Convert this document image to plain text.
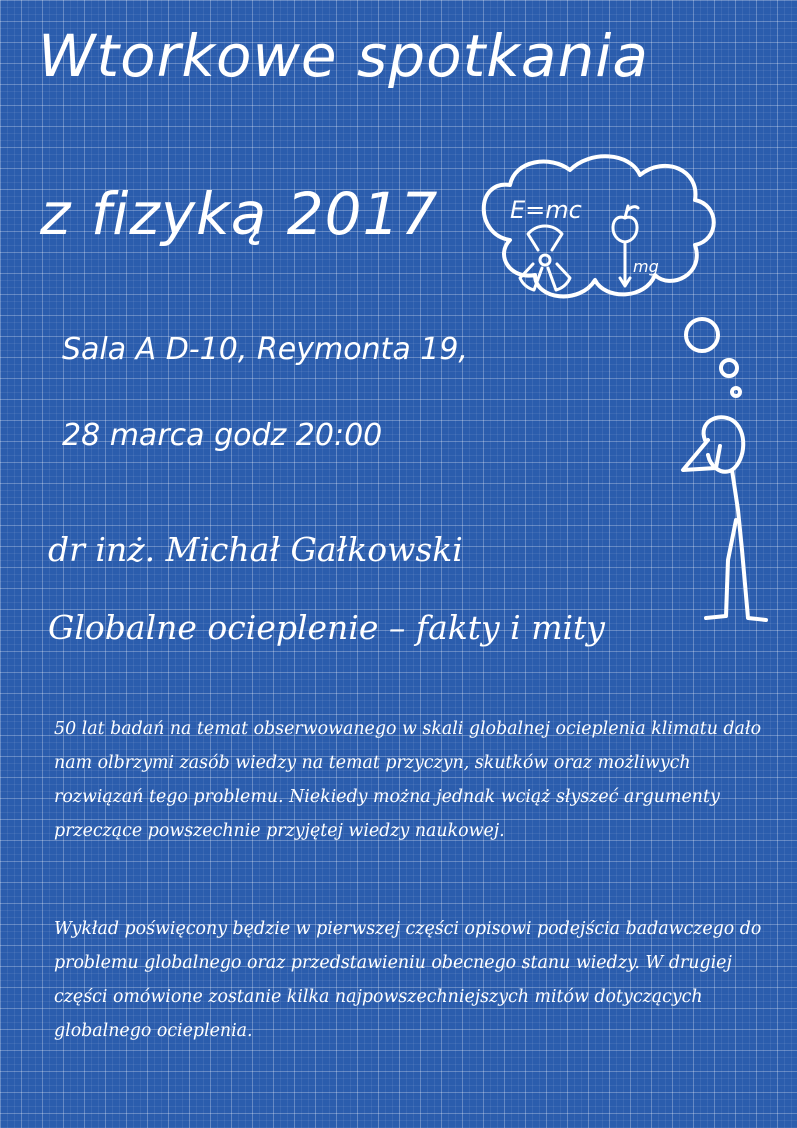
Wtorkowe spotkania
z fizyką 2017
Sala A D-10, Reymonta 19,
28 marca godz 20:00
dr inż. Michał Gałkowski
Globalne ocieplenie – fakty i mity
50 lat badań na temat obserwowanego w skali globalnej ocieplenia klimatu dało nam olbrzymi zasób wiedzy na temat przyczyn, skutków oraz możliwych rozwiązań tego problemu. Niekiedy można jednak wciąż słyszeć argumenty przeczące powszechnie przyjętej wiedzy naukowej.
Wykład poświęcony będzie w pierwszej części opisowi podejścia badawczego do problemu globalnego oraz przedstawieniu obecnego stanu wiedzy. W drugiej części omówione zostanie kilka najpowszechniejszych mitów dotyczących globalnego ocieplenia.
E=mc
mg
